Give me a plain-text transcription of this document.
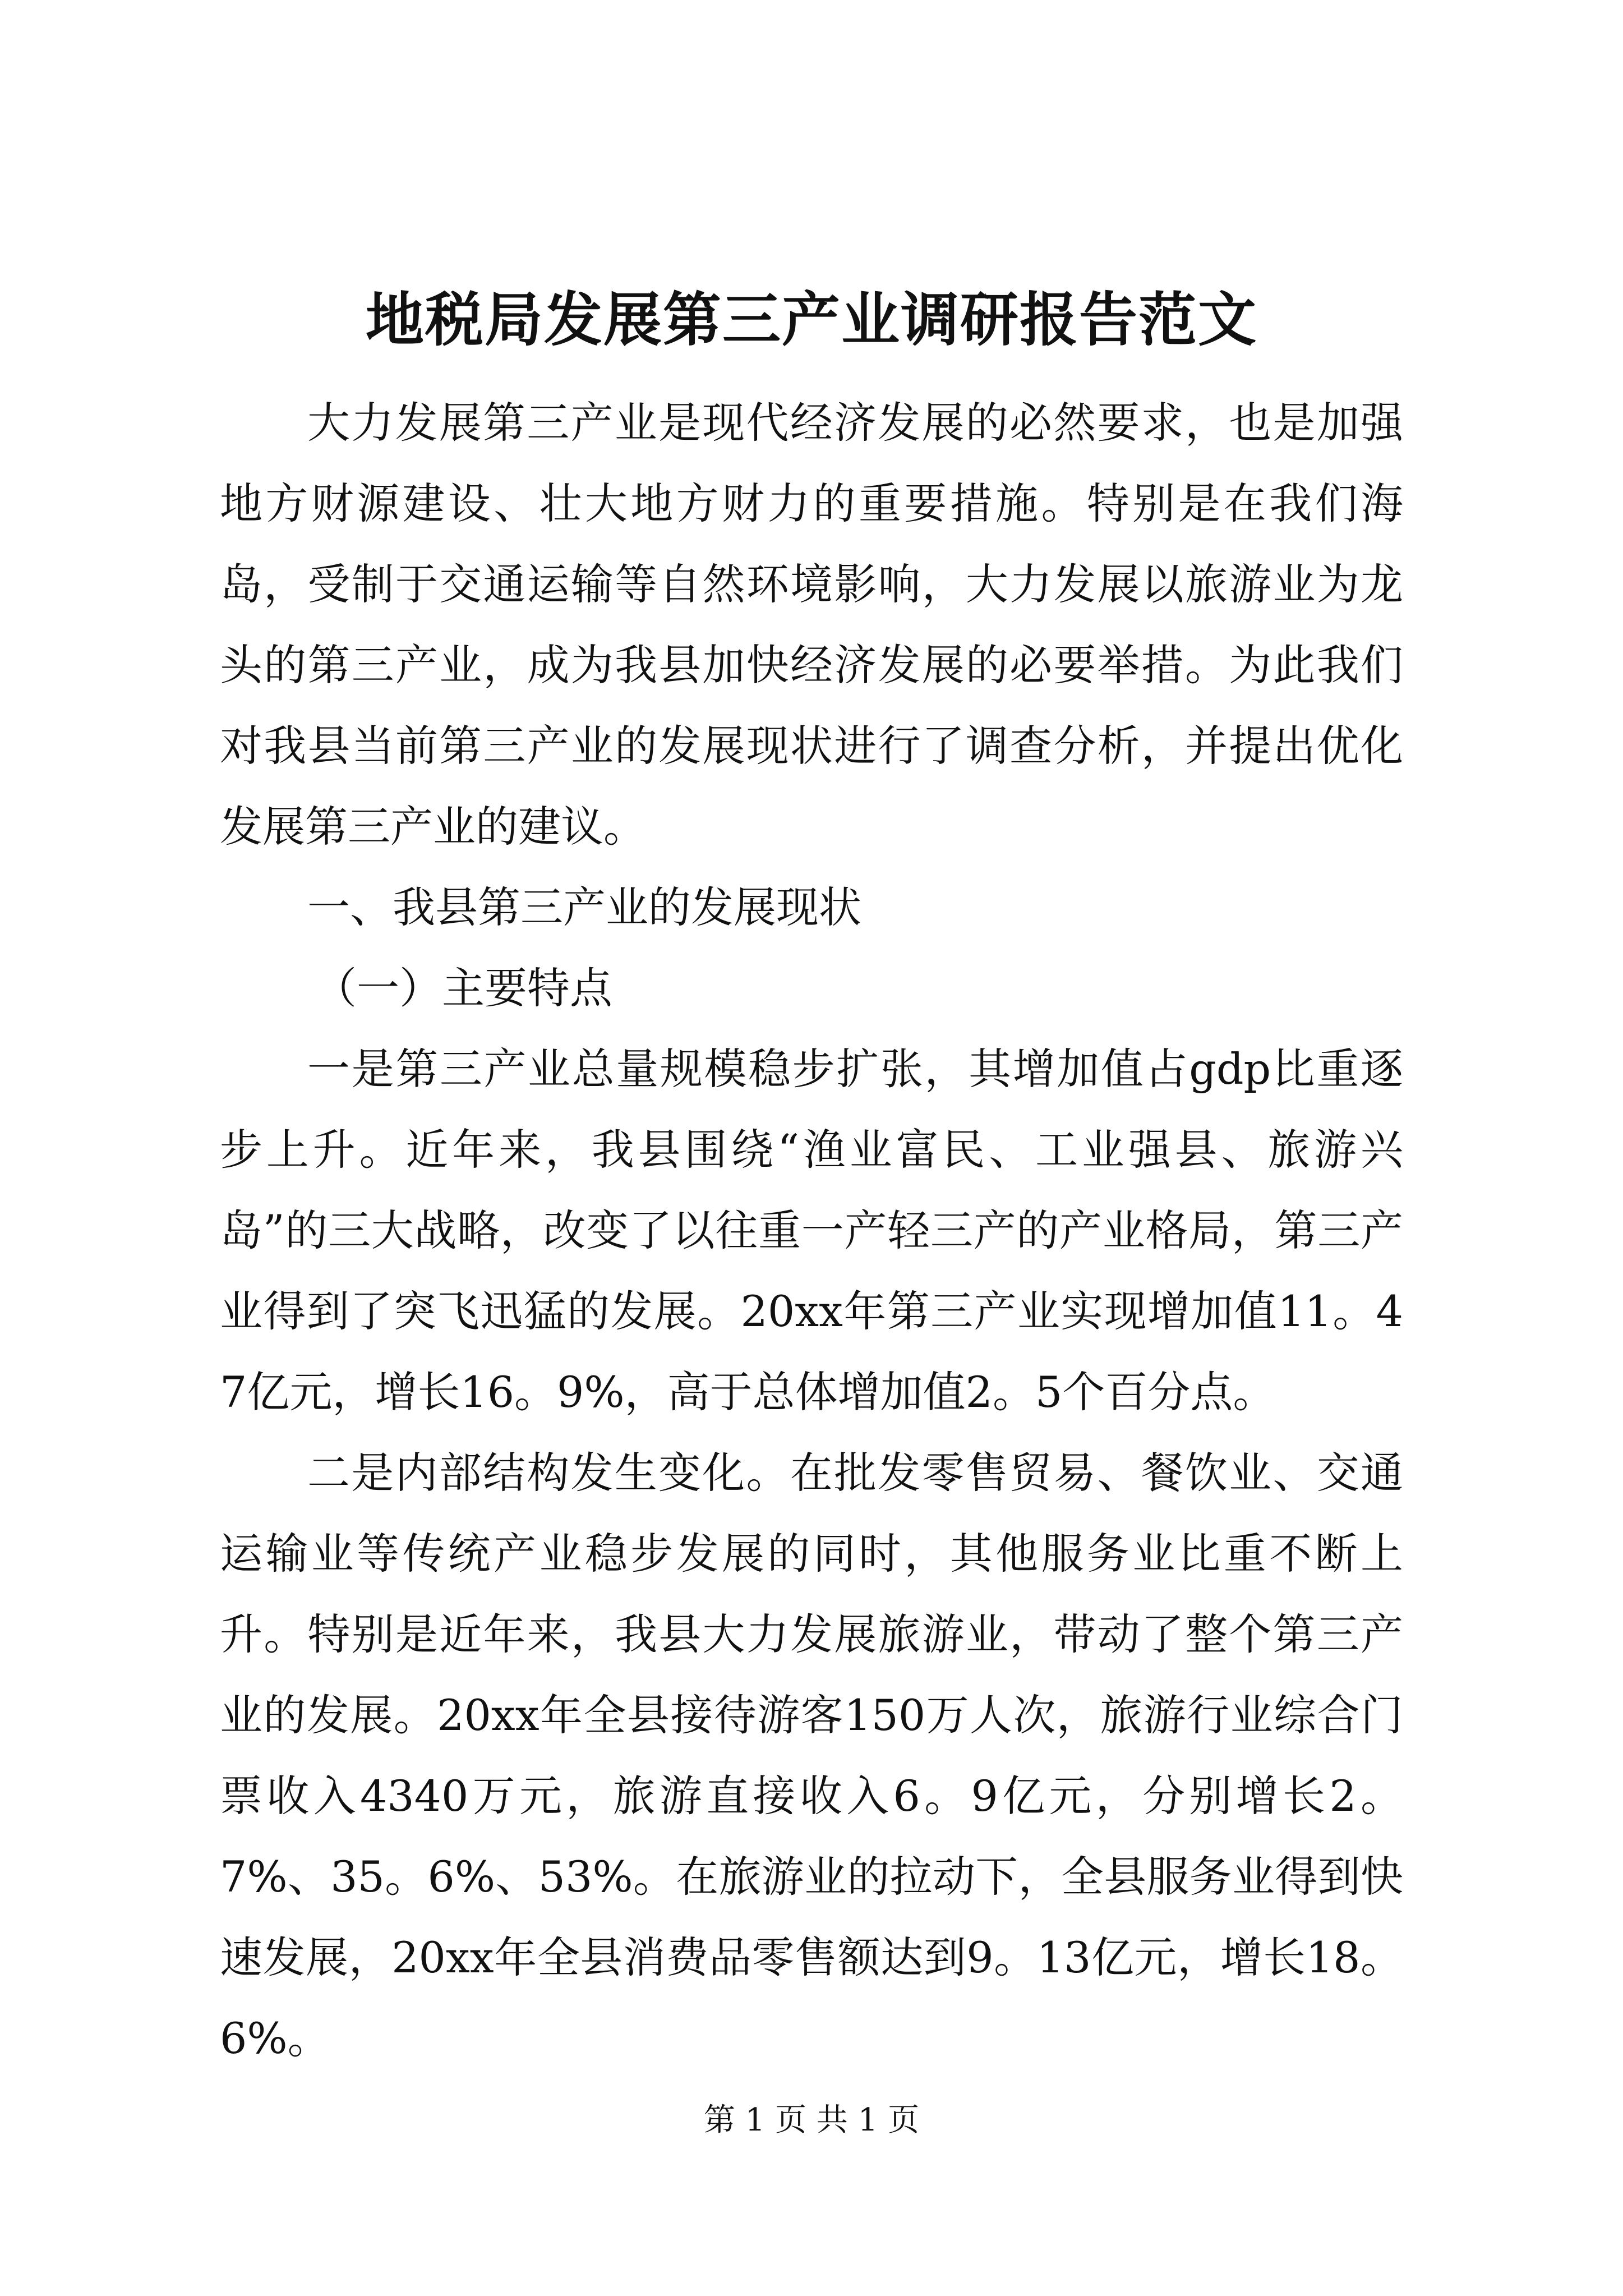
地税局发展第三产业调研报告范文

大力发展第三产业是现代经济发展的必然要求，也是加强地方财源建设、壮大地方财力的重要措施。特别是在我们海岛，受制于交通运输等自然环境影响，大力发展以旅游业为龙头的第三产业，成为我县加快经济发展的必要举措。为此我们对我县当前第三产业的发展现状进行了调查分析，并提出优化发展第三产业的建议。

一、我县第三产业的发展现状

（一）主要特点

一是第三产业总量规模稳步扩张，其增加值占gdp比重逐步上升。近年来，我县围绕“渔业富民、工业强县、旅游兴岛”的三大战略，改变了以往重一产轻三产的产业格局，第三产业得到了突飞迅猛的发展。20xx年第三产业实现增加值11。47亿元，增长16。9%，高于总体增加值2。5个百分点。

二是内部结构发生变化。在批发零售贸易、餐饮业、交通运输业等传统产业稳步发展的同时，其他服务业比重不断上升。特别是近年来，我县大力发展旅游业，带动了整个第三产业的发展。20xx年全县接待游客150万人次，旅游行业综合门票收入4340万元，旅游直接收入6。9亿元，分别增长2。7%、35。6%、53%。在旅游业的拉动下，全县服务业得到快速发展，20xx年全县消费品零售额达到9。13亿元，增长18。6%。

第 1 页 共 1 页
